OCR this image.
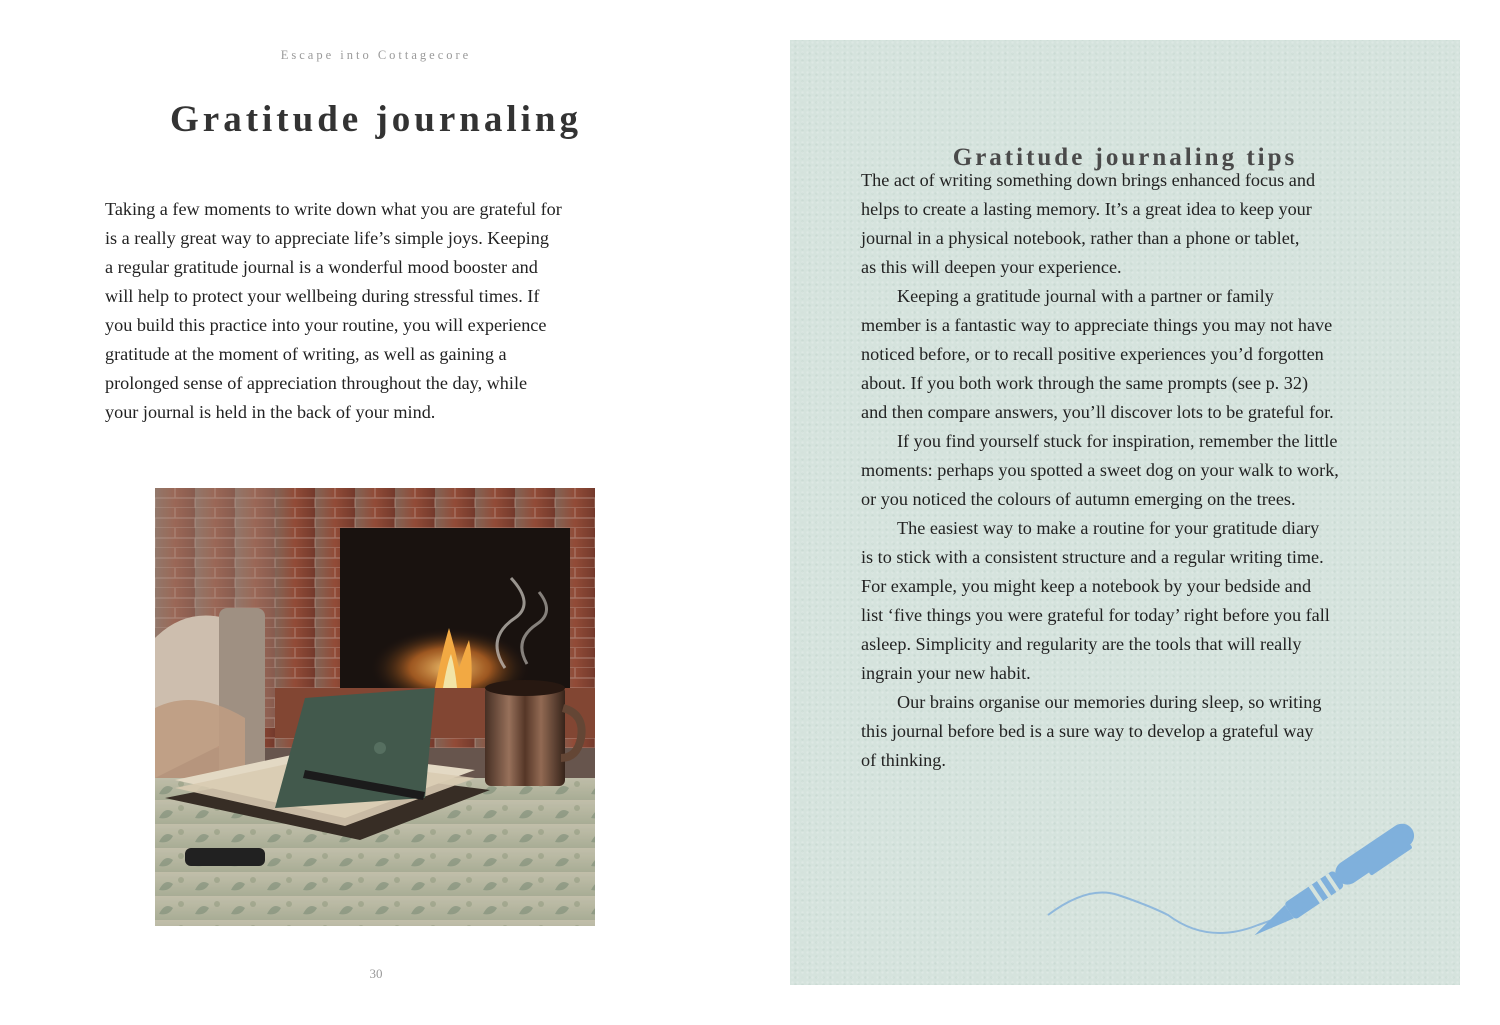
Escape into Cottagecore
Gratitude journaling
Taking a few moments to write down what you are grateful for
is a really great way to appreciate life’s simple joys. Keeping
a regular gratitude journal is a wonderful mood booster and
will help to protect your wellbeing during stressful times. If
you build this practice into your routine, you will experience
gratitude at the moment of writing, as well as gaining a
prolonged sense of appreciation throughout the day, while
your journal is held in the back of your mind.
30
Gratitude journaling tips
The act of writing something down brings enhanced focus and
helps to create a lasting memory. It’s a great idea to keep your
journal in a physical notebook, rather than a phone or tablet,
as this will deepen your experience.
Keeping a gratitude journal with a partner or family
member is a fantastic way to appreciate things you may not have
noticed before, or to recall positive experiences you’d forgotten
about. If you both work through the same prompts (see p. 32)
and then compare answers, you’ll discover lots to be grateful for.
If you find yourself stuck for inspiration, remember the little
moments: perhaps you spotted a sweet dog on your walk to work,
or you noticed the colours of autumn emerging on the trees.
The easiest way to make a routine for your gratitude diary
is to stick with a consistent structure and a regular writing time.
For example, you might keep a notebook by your bedside and
list ‘five things you were grateful for today’ right before you fall
asleep. Simplicity and regularity are the tools that will really
ingrain your new habit.
Our brains organise our memories during sleep, so writing
this journal before bed is a sure way to develop a grateful way
of thinking.
